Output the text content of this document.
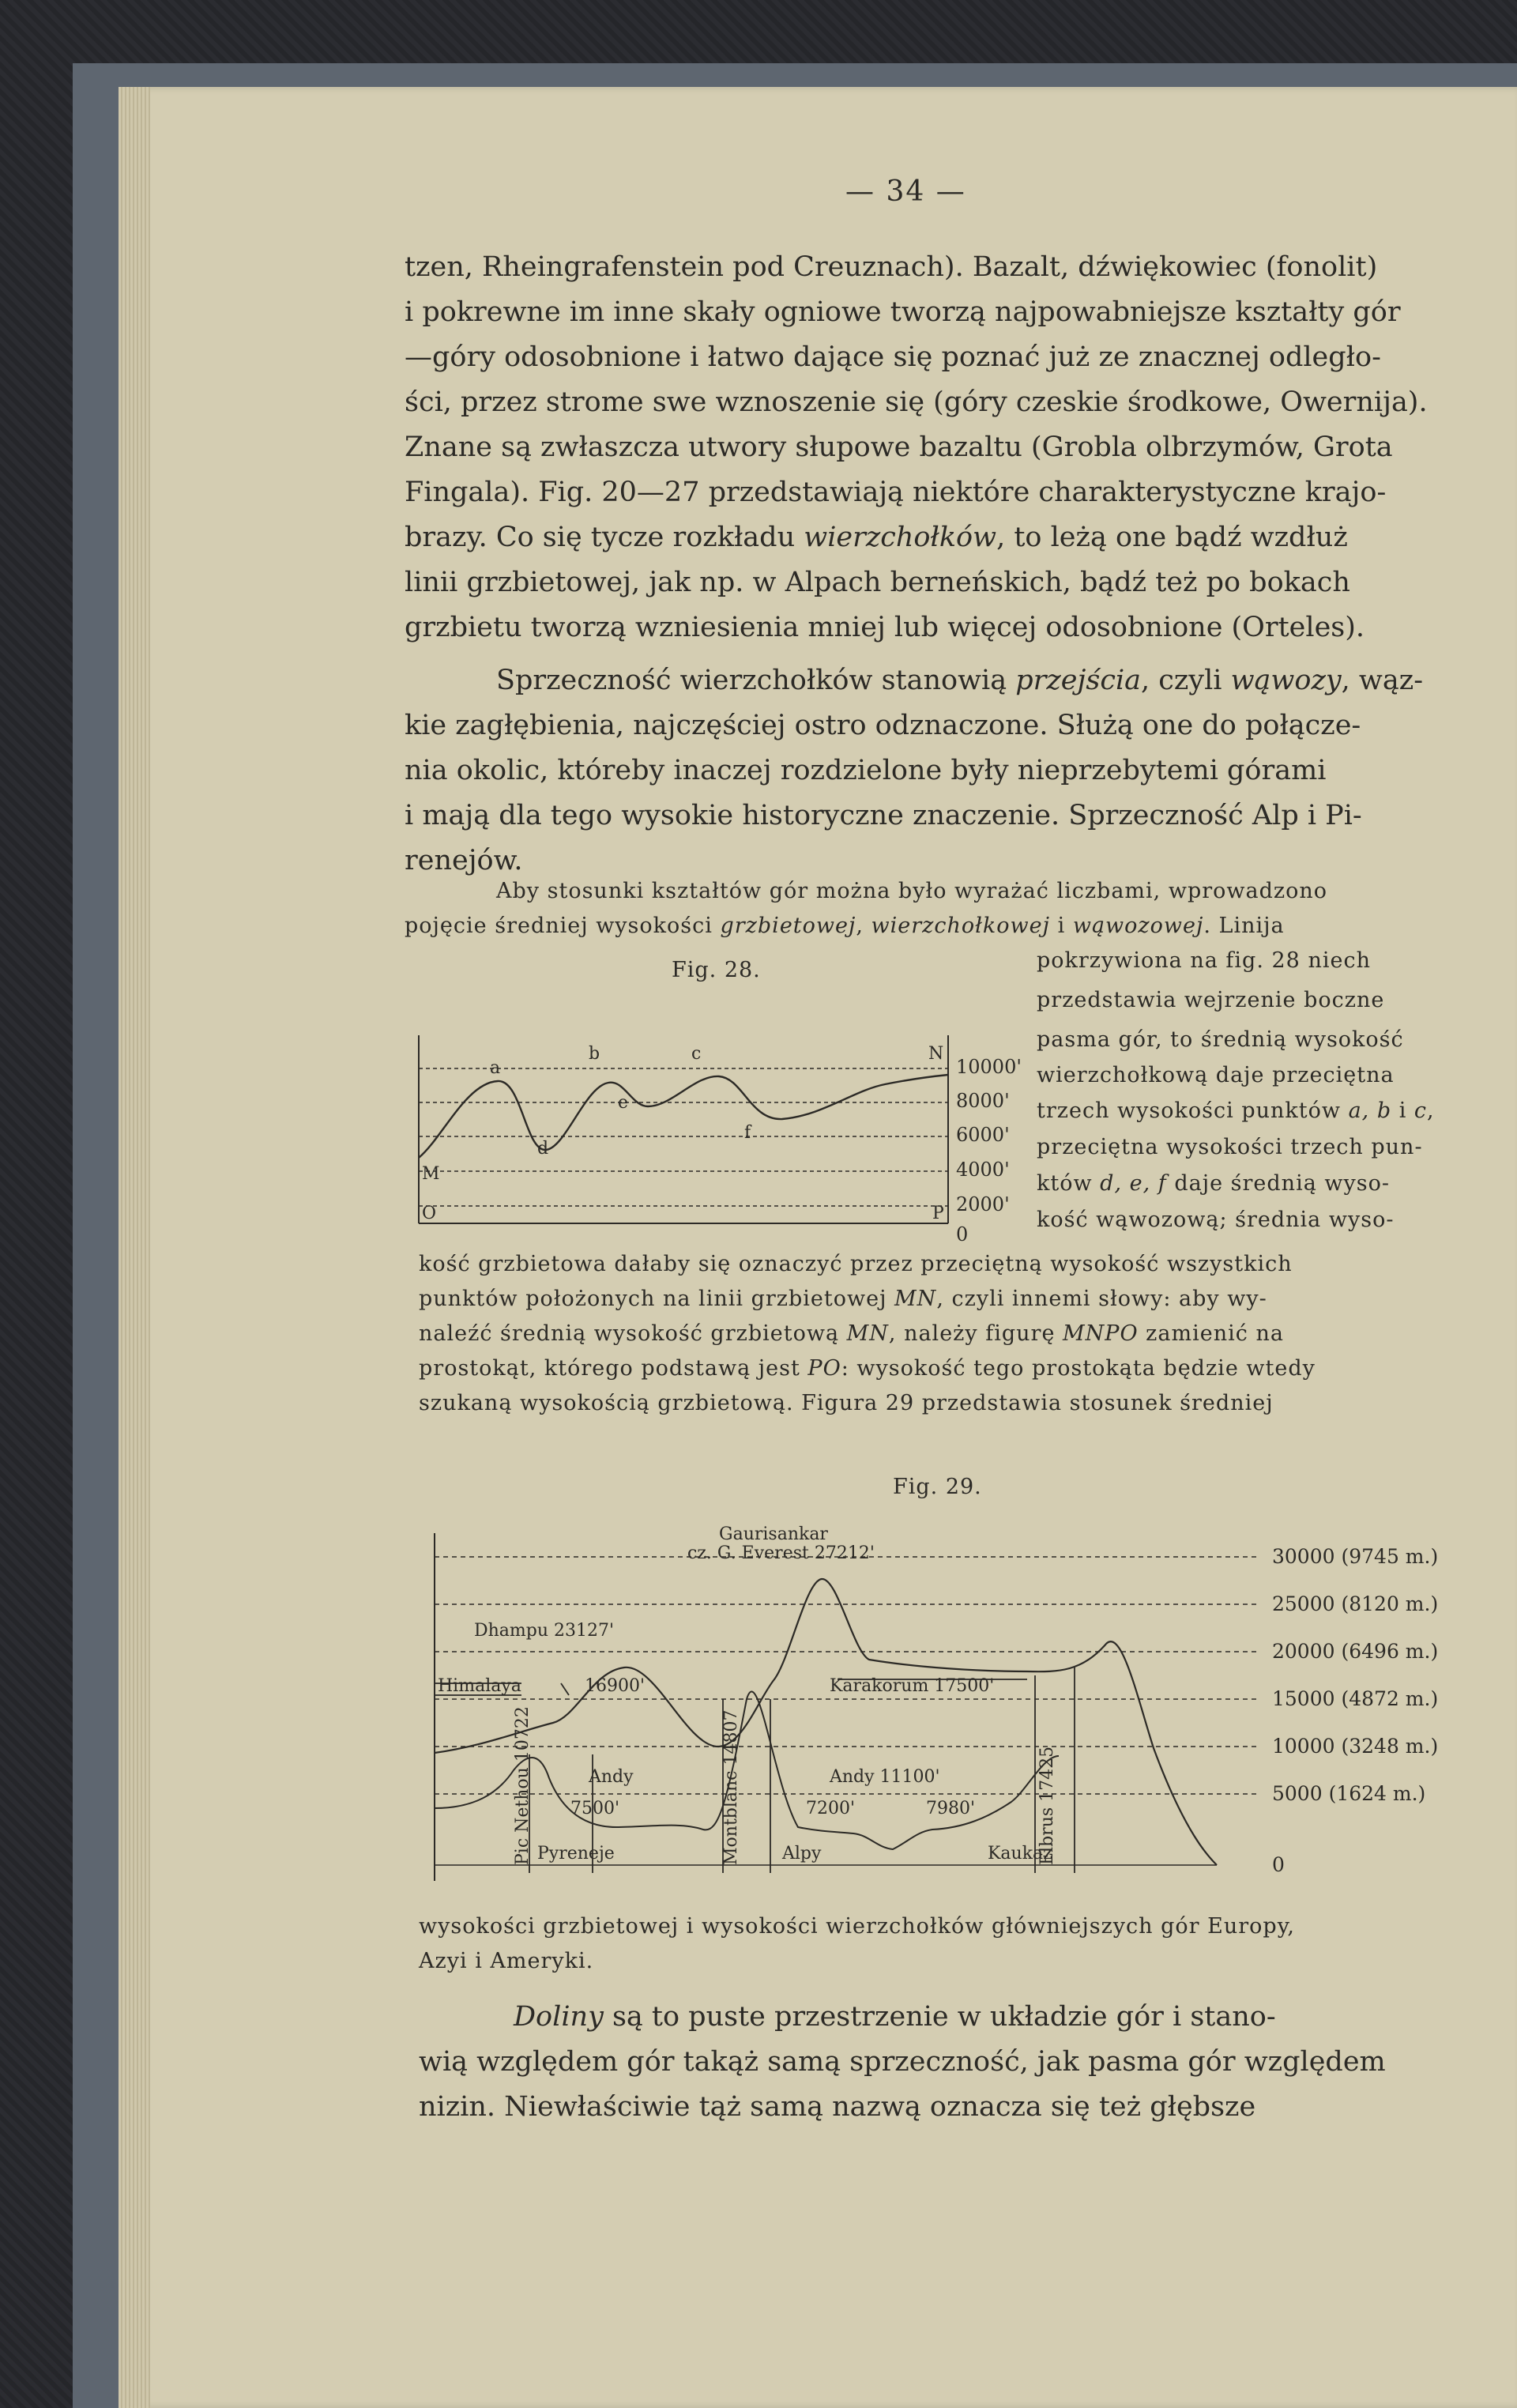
— 34 —
tzen, Rheingrafenstein pod Creuznach). Bazalt, dźwiękowiec (fonolit)
i pokrewne im inne skały ogniowe tworzą najpowabniejsze kształty gór
—góry odosobnione i łatwo dające się poznać już ze znacznej odległo-
ści, przez strome swe wznoszenie się (góry czeskie środkowe, Owernija).
Znane są zwłaszcza utwory słupowe bazaltu (Grobla olbrzymów, Grota
Fingala). Fig. 20—27 przedstawiają niektóre charakterystyczne krajo-
brazy. Co się tycze rozkładu wierzchołków, to leżą one bądź wzdłuż
linii grzbietowej, jak np. w Alpach berneńskich, bądź też po bokach
grzbietu tworzą wzniesienia mniej lub więcej odosobnione (Orteles).
Sprzeczność wierzchołków stanowią przejścia, czyli wąwozy, wąz-
kie zagłębienia, najczęściej ostro odznaczone. Służą one do połącze-
nia okolic, któreby inaczej rozdzielone były nieprzebytemi górami
i mają dla tego wysokie historyczne znaczenie. Sprzeczność Alp i Pi-
renejów.
Aby stosunki kształtów gór można było wyrażać liczbami, wprowadzono
pojęcie średniej wysokości grzbietowej, wierzchołkowej i wąwozowej. Linija
Fig. 28.	pokrzywiona na fig. 28 niech
przedstawia wejrzenie boczne
pasma gór, to średnią wysokość
wierzchołkową daje przeciętna
trzech wysokości punktów a, b i c,
przeciętna wysokości trzech pun-
któw d, e, f daje średnią wyso-
kość wąwozową; średnia wyso-
a
b	c
d
e
f
M
N
O	P
10000'
8000'
6000'
4000'
2000'
0
kość grzbietowa dałaby się oznaczyć przez przeciętną wysokość wszystkich
punktów położonych na linii grzbietowej MN, czyli innemi słowy: aby wy-
naleźć średnią wysokość grzbietową MN, należy figurę MNPO zamienić na
prostokąt, którego podstawą jest PO: wysokość tego prostokąta będzie wtedy
szukaną wysokością grzbietową. Figura 29 przedstawia stosunek średniej
Fig. 29.
Gaurisankar
cz. G. Everest 27212'
Dhampu 23127'
Himalaya	16900'	Karakorum 17500'
Andy	Andy 11100'
7500'	7200'	7980'
Pyreneje	Alpy	Kaukaz
Pic Nethou 10722	Montblanc 14807	Elbrus 17425
30000 (9745 m.)
25000 (8120 m.)
20000 (6496 m.)
15000 (4872 m.)
10000 (3248 m.)
5000 (1624 m.)
0
wysokości grzbietowej i wysokości wierzchołków główniejszych gór Europy,
Azyi i Ameryki.
Doliny są to puste przestrzenie w układzie gór i stano-
wią względem gór takąż samą sprzeczność, jak pasma gór względem
nizin. Niewłaściwie tąż samą nazwą oznacza się też głębsze
